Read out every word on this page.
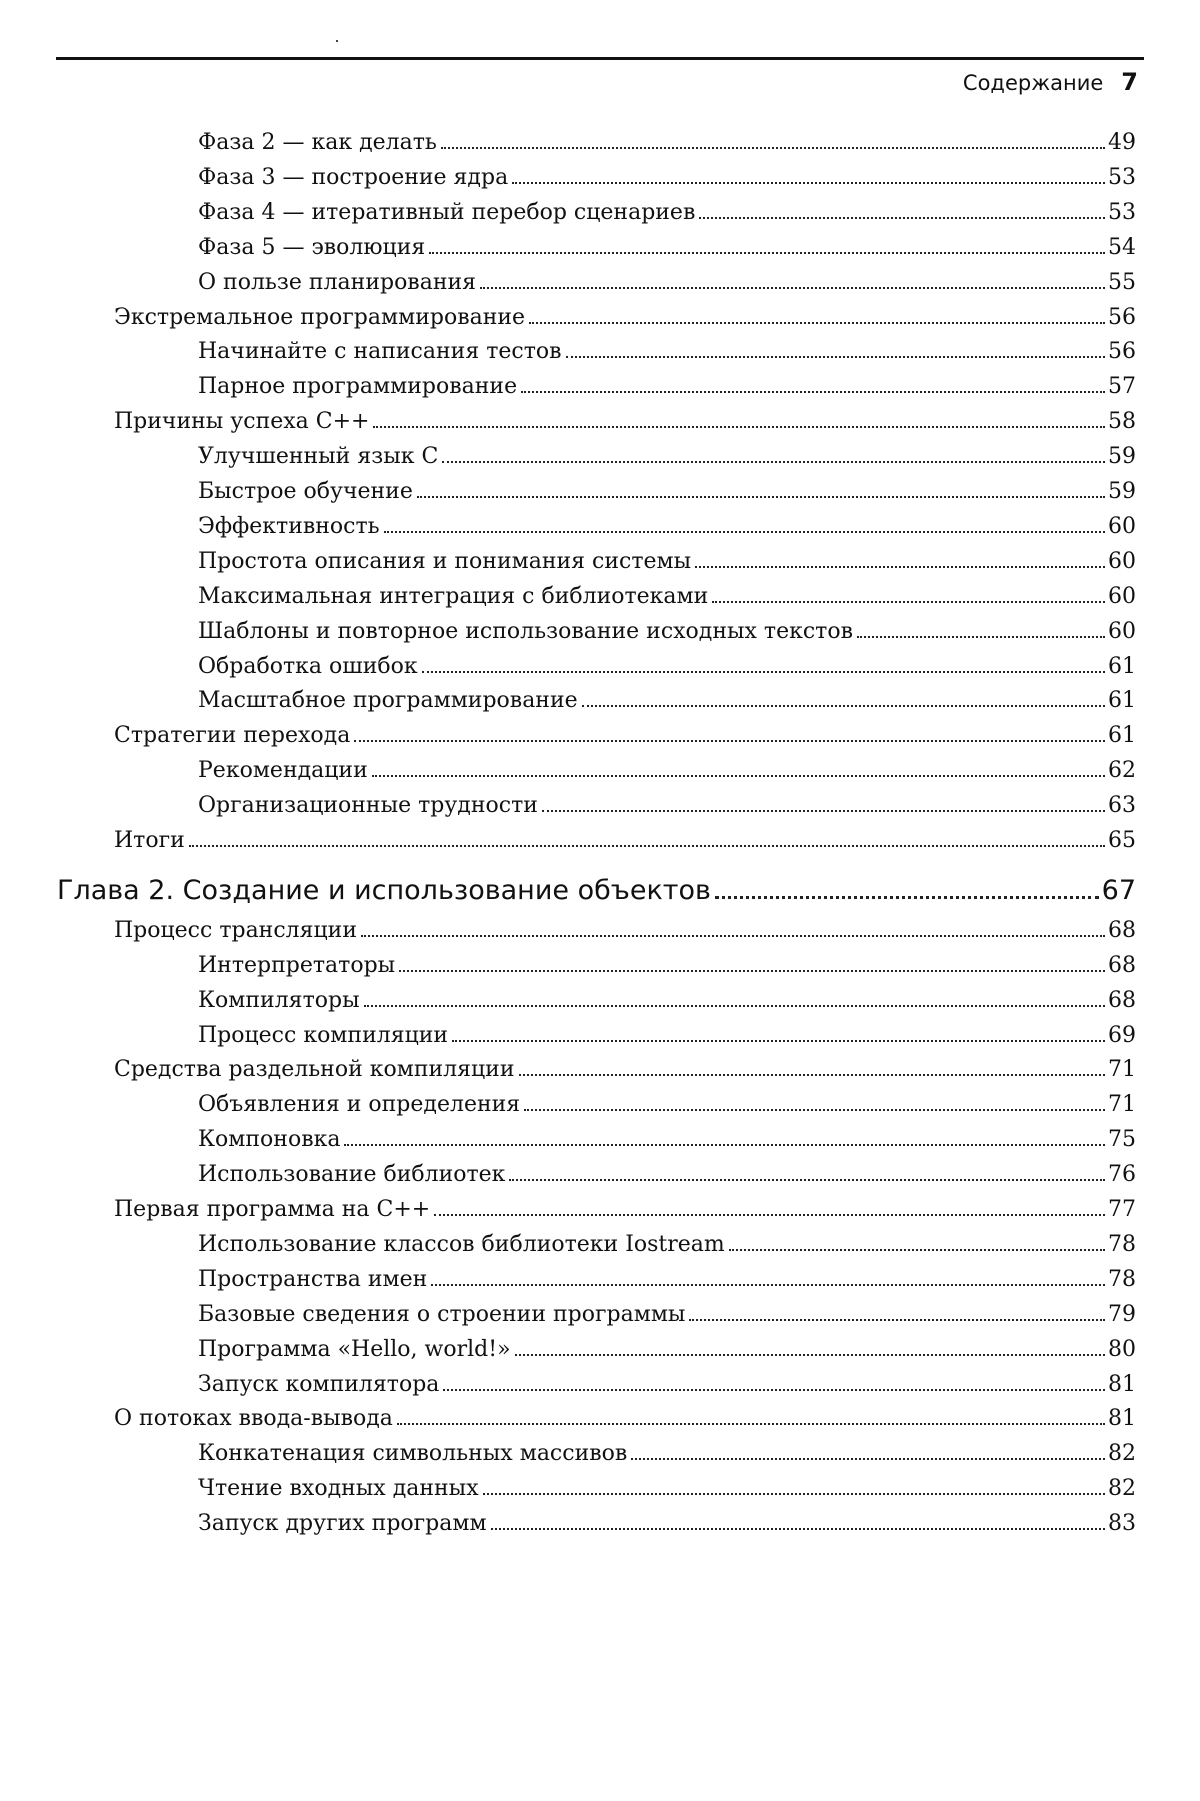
Содержание 7
Фаза 2 — как делать	49
Фаза 3 — построение ядра	53
Фаза 4 — итеративный перебор сценариев	53
Фаза 5 — эволюция	54
О пользе планирования	55
Экстремальное программирование	56
Начинайте с написания тестов	56
Парное программирование	57
Причины успеха C++	58
Улучшенный язык C	59
Быстрое обучение	59
Эффективность	60
Простота описания и понимания системы	60
Максимальная интеграция с библиотеками	60
Шаблоны и повторное использование исходных текстов	60
Обработка ошибок	61
Масштабное программирование	61
Стратегии перехода	61
Рекомендации	62
Организационные трудности	63
Итоги	65
Глава 2. Создание и использование объектов	67
Процесс трансляции	68
Интерпретаторы	68
Компиляторы	68
Процесс компиляции	69
Средства раздельной компиляции	71
Объявления и определения	71
Компоновка	75
Использование библиотек	76
Первая программа на C++	77
Использование классов библиотеки Iostream	78
Пространства имен	78
Базовые сведения о строении программы	79
Программа «Hello, world!»	80
Запуск компилятора	81
О потоках ввода-вывода	81
Конкатенация символьных массивов	82
Чтение входных данных	82
Запуск других программ	83
